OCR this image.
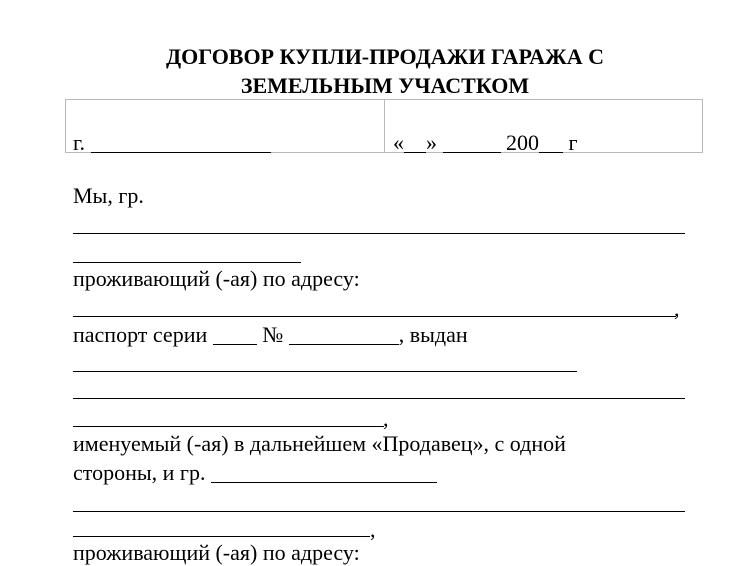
ДОГОВОР КУПЛИ-ПРОДАЖИ ГАРАЖА С
ЗЕМЕЛЬНЫМ УЧАСТКОМ
г.	« »	200 г
Мы, гр.
проживающий (-ая) по адресу:
,
паспорт серии	№	, выдан
,
именуемый (-ая) в дальнейшем «Продавец», с одной
стороны, и гр.
,
проживающий (-ая) по адресу:
